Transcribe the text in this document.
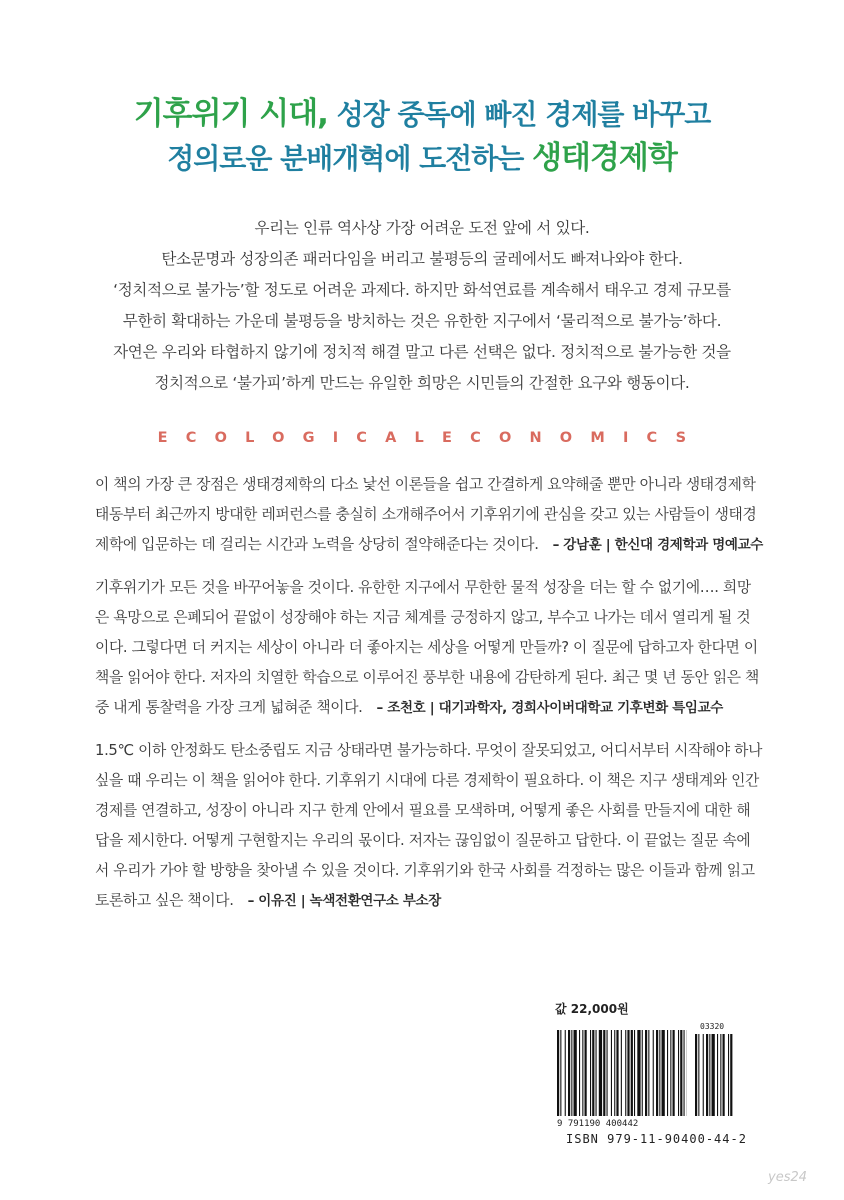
기후위기 시대, 성장 중독에 빠진 경제를 바꾸고
정의로운 분배개혁에 도전하는 생태경제학
우리는 인류 역사상 가장 어려운 도전 앞에 서 있다.
탄소문명과 성장의존 패러다임을 버리고 불평등의 굴레에서도 빠져나와야 한다.
‘정치적으로 불가능’할 정도로 어려운 과제다. 하지만 화석연료를 계속해서 태우고 경제 규모를
무한히 확대하는 가운데 불평등을 방치하는 것은 유한한 지구에서 ‘물리적으로 불가능’하다.
자연은 우리와 타협하지 않기에 정치적 해결 말고 다른 선택은 없다. 정치적으로 불가능한 것을
정치적으로 ‘불가피’하게 만드는 유일한 희망은 시민들의 간절한 요구와 행동이다.
ECOLOGICALECONOMICS
이 책의 가장 큰 장점은 생태경제학의 다소 낯선 이론들을 쉽고 간결하게 요약해줄 뿐만 아니라 생태경제학
태동부터 최근까지 방대한 레퍼런스를 충실히 소개해주어서 기후위기에 관심을 갖고 있는 사람들이 생태경
제학에 입문하는 데 걸리는 시간과 노력을 상당히 절약해준다는 것이다. – 강남훈 | 한신대 경제학과 명예교수
기후위기가 모든 것을 바꾸어놓을 것이다. 유한한 지구에서 무한한 물적 성장을 더는 할 수 없기에…. 희망
은 욕망으로 은폐되어 끝없이 성장해야 하는 지금 체계를 긍정하지 않고, 부수고 나가는 데서 열리게 될 것
이다. 그렇다면 더 커지는 세상이 아니라 더 좋아지는 세상을 어떻게 만들까? 이 질문에 답하고자 한다면 이
책을 읽어야 한다. 저자의 치열한 학습으로 이루어진 풍부한 내용에 감탄하게 된다. 최근 몇 년 동안 읽은 책
중 내게 통찰력을 가장 크게 넓혀준 책이다. – 조천호 | 대기과학자, 경희사이버대학교 기후변화 특임교수
1.5℃ 이하 안정화도 탄소중립도 지금 상태라면 불가능하다. 무엇이 잘못되었고, 어디서부터 시작해야 하나
싶을 때 우리는 이 책을 읽어야 한다. 기후위기 시대에 다른 경제학이 필요하다. 이 책은 지구 생태계와 인간
경제를 연결하고, 성장이 아니라 지구 한계 안에서 필요를 모색하며, 어떻게 좋은 사회를 만들지에 대한 해
답을 제시한다. 어떻게 구현할지는 우리의 몫이다. 저자는 끊임없이 질문하고 답한다. 이 끝없는 질문 속에
서 우리가 가야 할 방향을 찾아낼 수 있을 것이다. 기후위기와 한국 사회를 걱정하는 많은 이들과 함께 읽고
토론하고 싶은 책이다. – 이유진 | 녹색전환연구소 부소장
값 22,000원
03320
9 791190 400442
ISBN 979-11-90400-44-2
yes24
